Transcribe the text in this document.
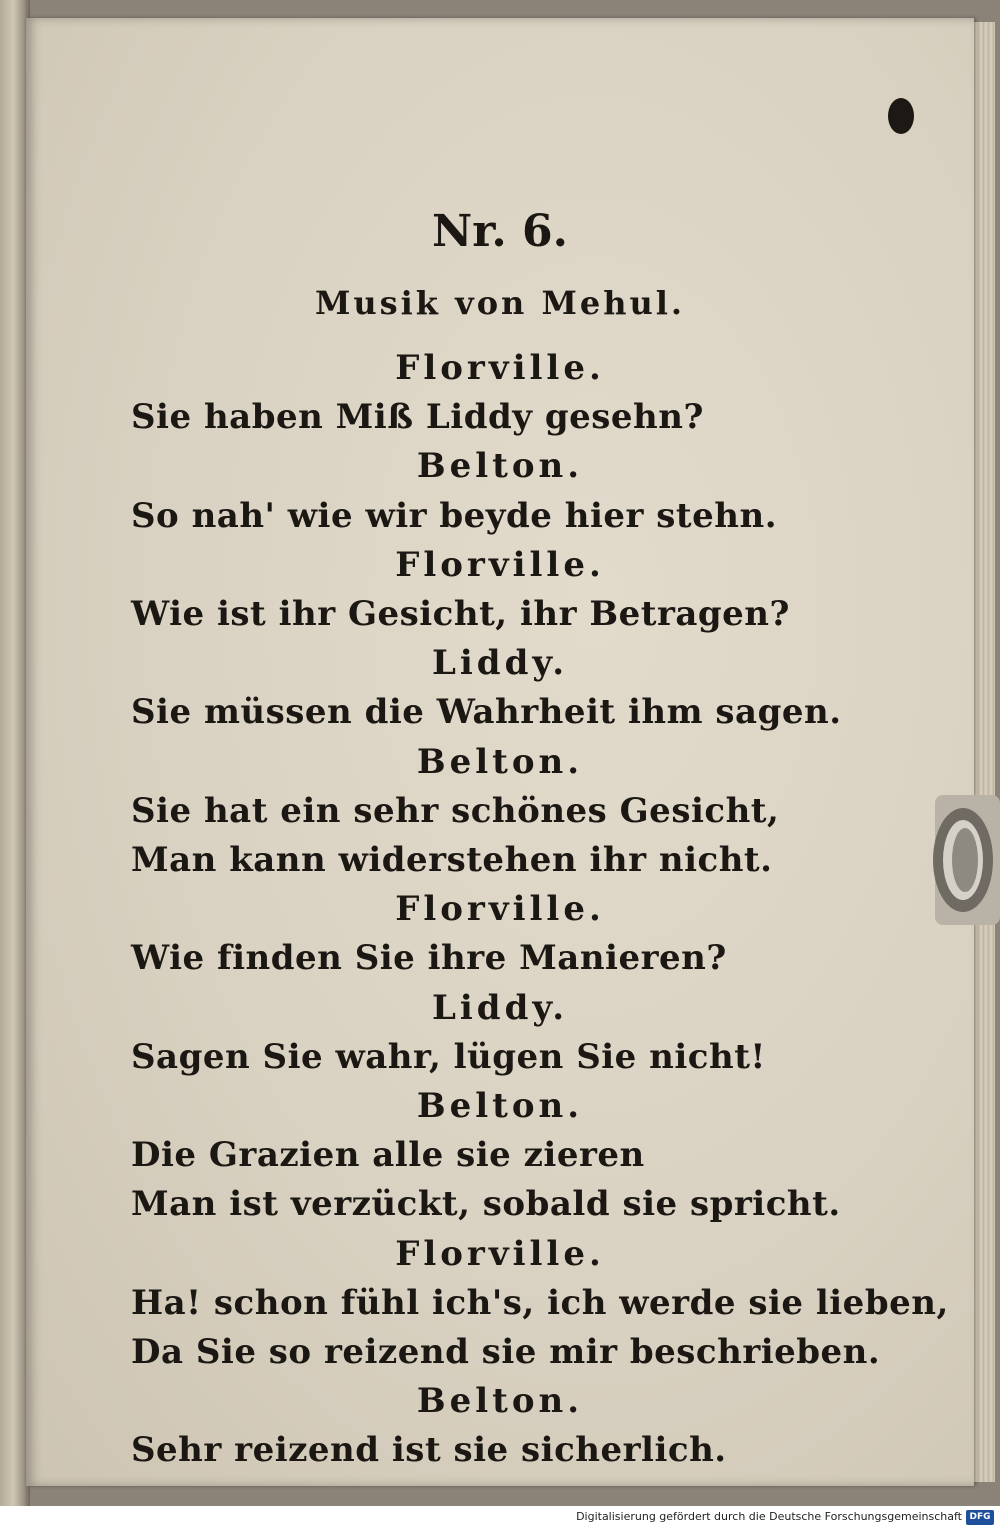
Nr. 6.
Musik von Mehul.
Florville.
Sie haben Miß Liddy gesehn?
Belton.
So nah' wie wir beyde hier stehn.
Florville.
Wie ist ihr Gesicht, ihr Betragen?
Liddy.
Sie müssen die Wahrheit ihm sagen.
Belton.
Sie hat ein sehr schönes Gesicht,
Man kann widerstehen ihr nicht.
Florville.
Wie finden Sie ihre Manieren?
Liddy.
Sagen Sie wahr, lügen Sie nicht!
Belton.
Die Grazien alle sie zieren
Man ist verzückt, sobald sie spricht.
Florville.
Ha! schon fühl ich's, ich werde sie lieben,
Da Sie so reizend sie mir beschrieben.
Belton.
Sehr reizend ist sie sicherlich.
Digitalisierung gefördert durch die Deutsche Forschungsgemeinschaft DFG
